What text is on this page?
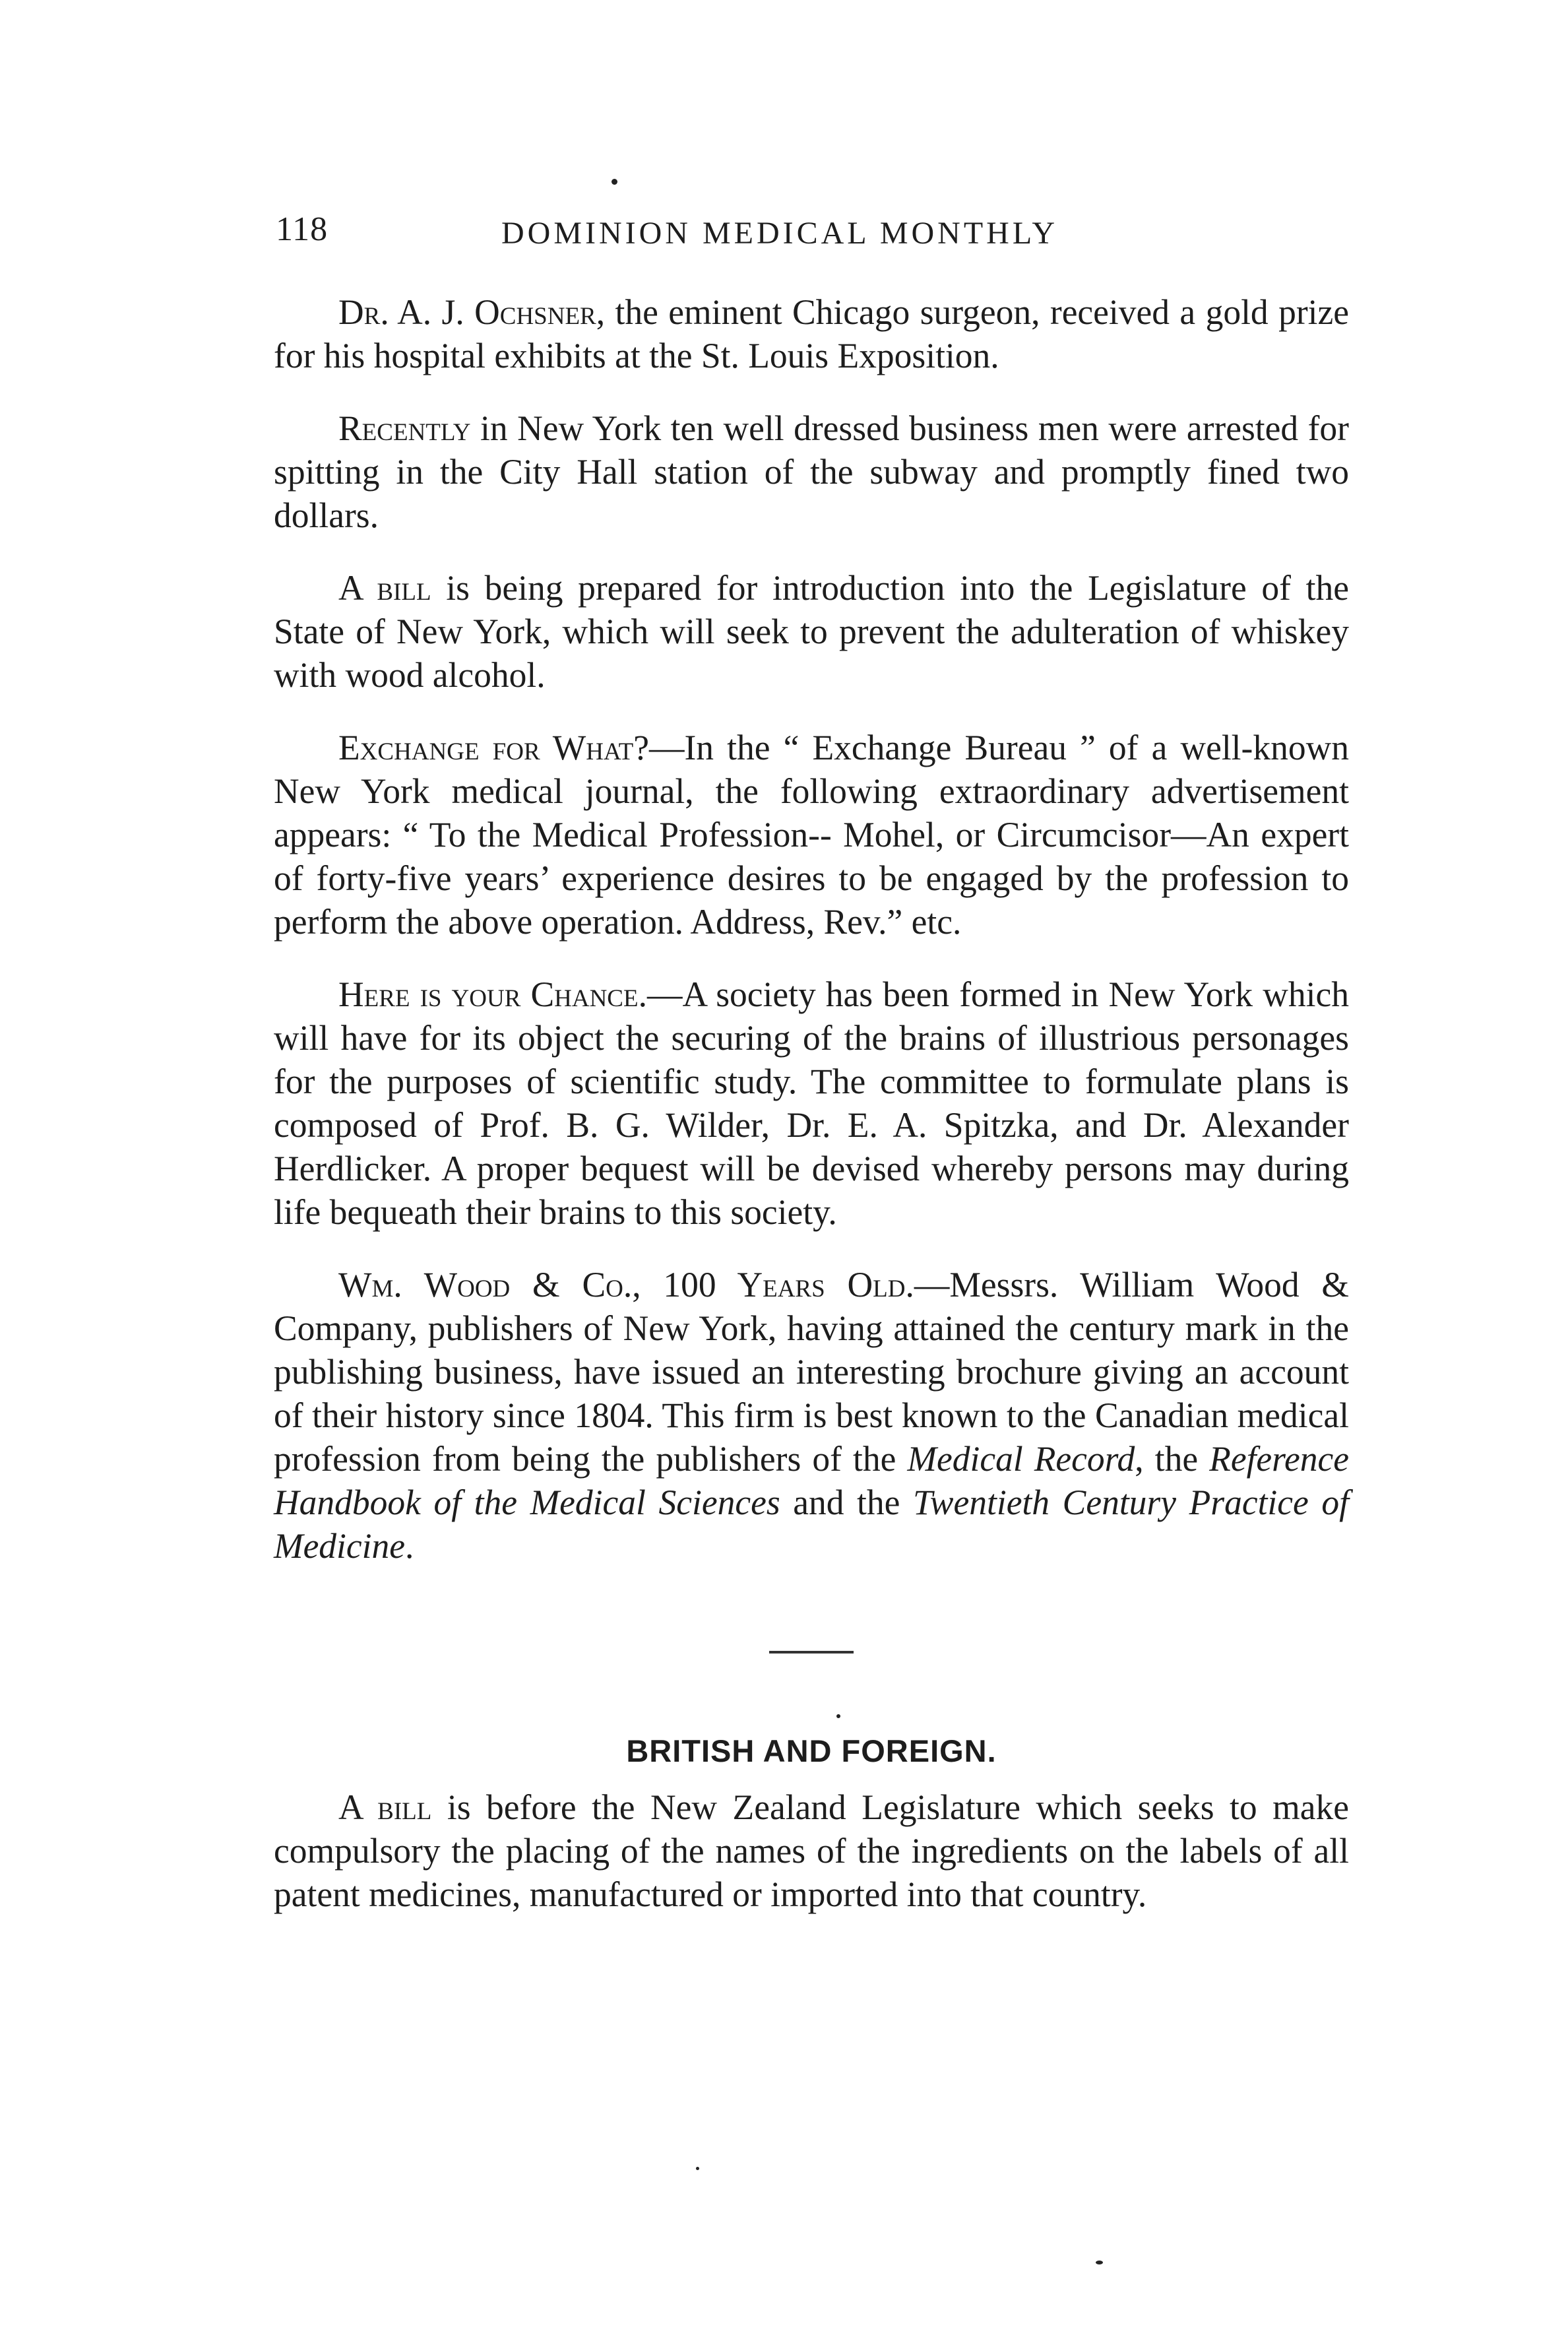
118	DOMINION MEDICAL MONTHLY

Dr. A. J. Ochsner, the eminent Chicago surgeon, received a gold prize for his hospital exhibits at the St. Louis Exposition.

Recently in New York ten well dressed business men were arrested for spitting in the City Hall station of the subway and promptly fined two dollars.

A bill is being prepared for introduction into the Legislature of the State of New York, which will seek to prevent the adulteration of whiskey with wood alcohol.

Exchange for What?—In the “ Exchange Bureau ” of a well-known New York medical journal, the following extraordinary advertisement appears: “ To the Medical Profession-- Mohel, or Circumcisor—An expert of forty-five years’ experience desires to be engaged by the profession to perform the above operation. Address, Rev.” etc.

Here is your Chance.—A society has been formed in New York which will have for its object the securing of the brains of illustrious personages for the purposes of scientific study. The committee to formulate plans is composed of Prof. B. G. Wilder, Dr. E. A. Spitzka, and Dr. Alexander Herdlicker. A proper bequest will be devised whereby persons may during life bequeath their brains to this society.

Wm. Wood & Co., 100 Years Old.—Messrs. William Wood & Company, publishers of New York, having attained the century mark in the publishing business, have issued an interesting brochure giving an account of their history since 1804. This firm is best known to the Canadian medical profession from being the publishers of the Medical Record, the Reference Handbook of the Medical Sciences and the Twentieth Century Practice of Medicine.

BRITISH AND FOREIGN.

A bill is before the New Zealand Legislature which seeks to make compulsory the placing of the names of the ingredients on the labels of all patent medicines, manufactured or imported into that country.
